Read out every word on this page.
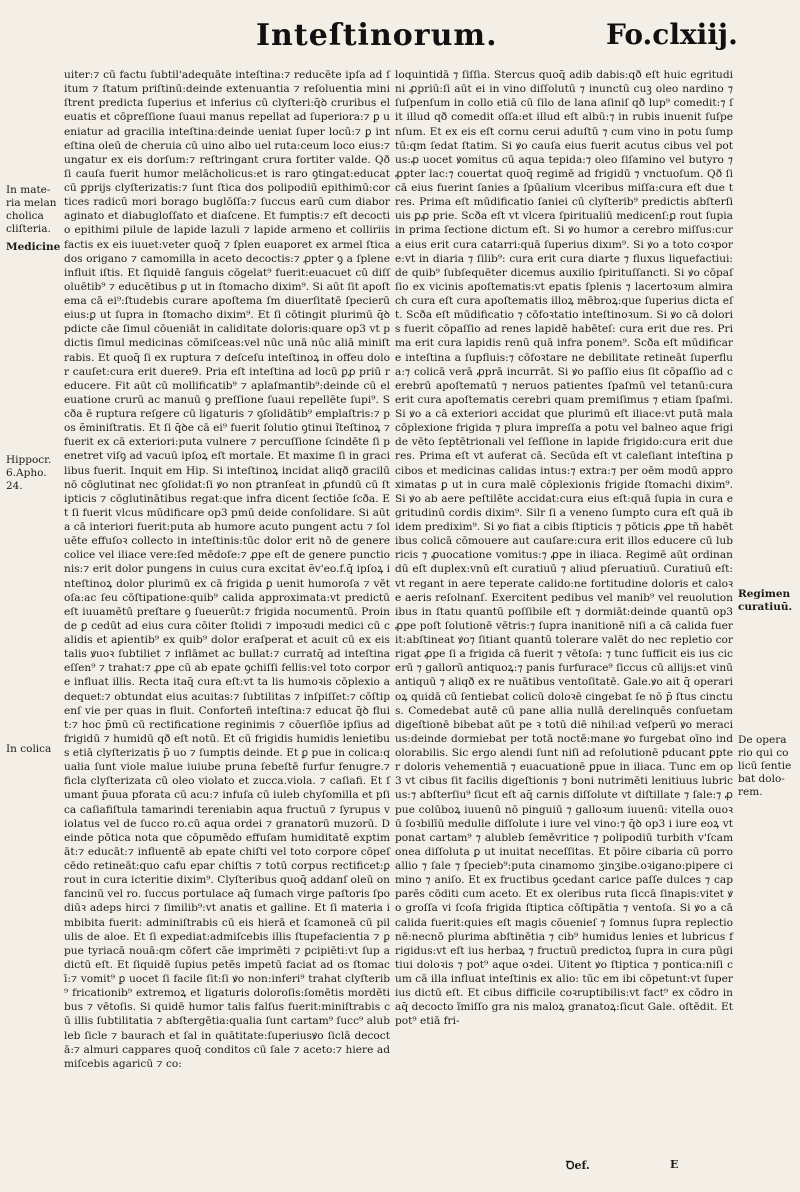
Inteſtinorum.	Fo.clxiij.
In mate-
ria melan
cholica
cliſteria.
Medicine
Hippocr.
6.Apho.
24.
In colica
Regimen
curatiuū.
De opera
rio qui co
licū ſentie
bat dolo-
rem.

uiter:⁊ cū factu ſubtil'adequāte inteſtina:⁊ reducēte ipſa ad ſitum ⁊ ſtatum priſtinū:deinde extenuantia ⁊ reſoluentia miniſtrent predicta ſuperius et inferius cū clyſteri:q̄ꝺ cruribus eleuatis et cōpreſſione ſuaui manus repellat ad ſuperiora:⁊ ꝑ ueniatur ad gracilia inteſtina:deinde ueniat ſuper locū:⁊ ꝑ inteſtina oleū de cheruia cū uino albo uel ruta:ceum loco eius:⁊ ungatur ex eis dorſum:⁊ reſtringant crura fortiter valde. Qð ſi cauſa fuerit humor melācholicus:et is raro ꝯtingat:educat cū ꝑprijs clyſterizatis:⁊ ſunt ſtica dos polipodiū epithimū:cortices radicū mori borago buglōſſa:⁊ ſuccus earū cum diaboraginato et diabugloſſato et diaſcene. Et fumptis:⁊ eſt decoctio epithimi pilule de lapide lazuli ⁊ lapide armeno et colliriis factis ex eis iuuet:veter quoq̄ ⁊ ſplen euaporet ex armel ſticados origano ⁊ camomilla in aceto decoctis:⁊ ꝓpter ꝯ a ſplene influit iſtis. Et ſiquidē ſanguis cōgelat⁹ fuerit:euacuet cū diſſoluētib⁹ ⁊ educētibus ꝑ ut in ſtomacho dixim⁹. Si aūt ſit apoſtema cā ei⁹:ſtudebis curare apoſtema ſm diuerſitatē ſpecierū eius:ꝑ ut ſupra in ſtomacho dixim⁹. Et ſi cōtingit plurimū q̄ꝺ pdicte cāe ſimul cōueniāt in caliditate doloris:quare op3 vt pdictis ſimul medicinas cōmiſceas:vel nūc unā nūc aliā miniſtrabis. Et quoq̄ ſi ex ruptura ⁊ deſceſu inteſtinoꝝ in offeu dolor cauſet:cura erit duere9. Pria eſt inteſtina ad locū ꝑꝓ priū reducere. Fit aūt cū mollificatib⁹ ⁊ aplaſmantib⁹:deinde cū eleuatione crurū ac manuū ꝯ preſſione ſuaui repellēte ſupi⁹. Scða ē ruptura reſgere cū ligaturis ⁊ ꝯſolidātib⁹ emplaſtris:⁊ p os ẽminiſtratis. Et ſi q̄ꝺe cā ei⁹ fuerit ſolutio ꝯtinui ĩteſtinoꝝ ⁊ fuerit ex cā exteriori:puta vulnere ⁊ percuſſione ſcindēte ſi penetret viſꝯ ad vacuū ipſoꝝ eſt mortale. Et maxime ſi in gracilibus fuerit. Inquit em Hip. Si inteſtinoꝝ incidat aliqð gracilū nō cōglutinat nec ꝯſolidat:ſi ꝟo non ꝑtranſeat in ꝓfundū cū ſtipticis ⁊ cōglutinātibus regat:que infra dicent ſectiōe ſcða. Et ſi fuerit vlcus mūdificare op3 pmū deide conſolidare. Si aūt a cā interiori fuerit:puta ab humore acuto pungent actu ⁊ ſoluēte effuſoꝛ collecto in inteſtinis:tūc dolor erit nō de genere colice vel iliace vere:ſed mēdoſe:⁊ ꝓpe eſt de genere punctionis:⁊ erit dolor pungens in cuius cura excitat ẽv'eo.f.q̄ ipſoꝝ inteſtinoꝝ dolor plurimū ex cā frigida ꝑ uenit humoroſa ⁊ vētoſa:ac ſeu cōſtipatione:quib⁹ calida approximata:vt predictū eſt iuuamētū preſtare ꝯ ſueuerūt:⁊ frigida nocumentū. Proinde ꝑ cedūt ad eius cura cōiter ſtolidi ⁊ impoꝛudi medici cū calidis et aꝑientib⁹ ex quib⁹ dolor eraſperat et acuit cū ex eis talis ꝟuoꝛ ſubtiliet ⁊ inflāmet ac bullat:⁊ curratq̄ ad inteſtina eſſen⁹ ⁊ trahat:⁊ ꝓpe cū ab epate ꝯchiſſi fellis:vel toto corpore influat illis. Recta itaq̄ cura eſt:vt ta lis humoꝛis cōplexio adequet:⁊ obtundat eius acuitas:⁊ ſubtilitas ⁊ inſpiſſet:⁊ cōſtipenſ vie per quas in fluit. Conforteñ inteſtina:⁊ educat q̄ꝺ fluit:⁊ hoc p̄mū cū rectificatione reginimis ⁊ cōuerſiōe ipſius ad frigidū ⁊ humidū qð eſt notū. Et cū frigidis humidis lenietibus etiā clyſterizatis p̄ uo ⁊ ſumptis deinde. Et ꝑ pue in colica:qualia ſunt viole malue iuiube pruna ſebeſtē furfur fenugre.⁊ ficla clyſterizata cū oleo violato et zucca.viola. ⁊ caſiafi. Et ſumant p̄uua pforata cū acu:⁊ infuſa cū iuleb chyſomilla et pſica caſiafiſtula tamarindi tereniabin aqua fructuū ⁊ ſyrupus violatus vel de ſucco ro.cū aqua ordei ⁊ granatorū muzorū. Deinde pōtica nota que cōpumēdo effuſam humiditatē exptimāt:⁊ educāt:⁊ influentē ab epate chiſti vel toto corpore cōpeſcēdo retineāt:quo cafu epar chiſtis ⁊ totū corpus rectificet:ꝑ rout in cura icteritie dixim⁹. Clyſteribus quoq̄ addanſ oleū onfancinū vel ro. ſuccus portulace aq̄ ſumach virge paſtoris ſpodiūꝛ adeps hirci ⁊ ſimilib⁹:vt anatis et galline. Et ſi materia imbibita fuerit: adminiſtrabis cū eis hierā et ſcamoneā cū pilulis de aloe. Et ſi expediat:admiſcebis illis ſtupefacientia ⁊ ꝑpue tyriacā nouā:qm cōfert cāe imprimēti ⁊ ꝑcipiēti:vt ſup a dictū eſt. Et ſiquidē ſupius petēs impetū faciat ad os ſtomacī:⁊ vomit⁹ ꝑ uocet ſi facile ſit:ſi ꝟo non:inferi⁹ trahat clyſterib⁹ fricationib⁹ extremoꝝ et ligaturis doloroſis:ſomētis mordētibus ⁊ vētoſis. Si quidē humor talis falſus fuerit:miniſtrabis cū illis ſubtilitatia ⁊ abſtergētia:qualia ſunt cartam⁹ ſucc⁹ alubleb ſicle ⁊ baurach et ſal in quātitate:ſuperiusꝟo ſiclā decoctā:⁊ almuri cappares quoq̄ conditos cū ſale ⁊ aceto:⁊ hiere admiſcebis agaricū ⁊ co:

loquintidā ⁊ ſiſſia. Stercus quoq̄ adib dabis:qð eſt huic egritudini ꝓpriū:ſi aūt ei in vino diſſolutū ⁊ inunctū cuꝫ oleo nardino ⁊ ſuſpenſum in collo etiā cū ſilo de lana aſiniſ qð lup⁹ comedit:⁊ ſit illud qð comedit oſſa:et illud eſt albū:⁊ in rubis inuenit ſuſpenſum. Et ex eis eſt cornu cerui aduſtū ⁊ cum vino in potu ſumptū:qm ſedat ſtatim. Si ꝟo cauſa eius fuerit acutus cibus vel potus:ꝓ uocet ꝟomitus cū aqua tepida:⁊ oleo ſiſamino vel butyro ⁊ ꝓpter lac:⁊ couertat quoq̄ regimē ad frigidū ⁊ vnctuoſum. Qð ſi cā eius fuerint ſanies a ſpūalium vlceribus miſſa:cura eſt due tres. Prima eſt mūdificatio ſaniei cū clyſterib⁹ predictis abſterſiuis ꝑꝓ prie. Scða eſt vt vlcera ſpiritualiū medicenſ:ꝑ rout ſupia in prima ſectione dictum eſt. Si ꝟo humor a cerebro miſſus:cura eius erit cura catarri:quā ſuperius dixım⁹. Si ꝟo a toto coꝛpore:vt in diaria ⁊ ſilib⁹: cura erit cura diarte ⁊ fluxus liquefactiui:de quib⁹ ſubſequēter dicemus auxilio ſpirituſſancti. Si ꝟo cōpaſſio ex vicinis apoſtematis:vt epatis ſplenis ⁊ lacertoꝛum almirach cura eſt cura apoſtematis illoꝝ mēbroꝝ:que ſuperius dicta eſt. Scða eſt mūdificatio ⁊ cōfoꝛtatio inteſtinoꝛum. Si ꝟo cā doloris fuerit cōpaſſio ad renes lapidē habēteſ: cura erit due res. Prima erit cura lapidis renū quā infra ponem⁹. Scða eſt mūdificare inteſtina a ſupfluis:⁊ cōfoꝛtare ne debilitate retineāt ſuperflua:⁊ colicā verā ꝓprā incurrāt. Si ꝟo paſſio eius ſit cōpaſſio ad cerebrū apoſtematū ⁊ neruos patientes ſpaſmū vel tetanū:cura erit cura apoſtematis cerebri quam premiſimus ⁊ etiam ſpaſmi. Si ꝟo a cā exteriori accidat que plurimū eſt iliace:vt putā mala cōplexione frigida ⁊ plura impreſſa a potu vel balneo aque frigide vēto ſeptētrionali vel ſeſſione in lapide frigido:cura erit due res. Prima eſt vt auferat cā. Secūda eſt vt caleſiant inteſtina p cibos et medicinas calidas intus:⁊ extra:⁊ per oēm modū approximatas ꝑ ut in cura malē cōplexionis frigide ſtomachi dixim⁹. Si ꝟo ab aere peſtilēte accidat:cura eius eſt:quā ſupia in cura egritudinū cordis dixim⁹. Silr ſi a veneno ſumpto cura eſt quā ibidem predixim⁹. Si ꝟo fiat a cibis ſtipticis ⁊ pōticis ꝓpe tñ habētibus colicā cōmouere aut cauſare:cura erit illos educere cū lubricis ⁊ ꝓuocatione vomitus:⁊ ꝓpe in iliaca. Regimē aūt ordinandū eſt duplex:vnū eſt curatiuū ⁊ aliud pſeruatiuū. Curatiuū eſt:vt regant in aere teperate calido:ne fortitudine doloris et caloꝛe aeris reſolnanſ. Exercitent pedibus vel manib⁹ vel reuolutionibus in ſtatu quantū poſſibile eſt ⁊ dormiāt:deinde quantū op3 ꝓpe poſt ſolutionē vētris:⁊ ſupra inanitionē niſi a cā calida fuerit:abſtineat ꝟo⁊ ſitiant quantū tolerare valēt do nec repletio corrigat ꝓpe ſi a frigida cā fuerit ⁊ vētoſa: ⁊ tunc ſufficit eis ius cicerū ⁊ gallorū antiquoꝝ:⁊ panis furfurace⁹ ſiccus cū allijs:et vinū antiquū ⁊ aliqð ex re nuātibus ventoſitatē. Gale.ꝟo ait q̄ operarioꝝ quidā cū ſentiebat colicū doloꝛē cingebat ſe nō p̄ ſtus cinctus. Comedebat autē cū pane allia nullā derelinquēs conſuetam digeſtionē bibebat aūt pe ꝛ totū diē nihil:ad veſperū ꝟo meracius:deinde dormiebat per totā noctē:mane ꝟo furgebat oīno indolorabilis. Sic ergo alendi ſunt niſi ad reſolutionē pducant ꝑpter doloris vehementiā ⁊ euacuationē ꝑpue in iliaca. Tunc em op3 vt cibus ſit facilis digeſtionis ⁊ boni nutrimēti lenitiuus lubricus:⁊ abſterſiu⁹ ſicut eſt aq̄ carnis diſſolute vt diſtillate ⁊ ſale:⁊ ꝓpue colūboꝝ iuuenū nō pinguiū ⁊ galloꝛum iuuenū: vitella ouoꝛū ſoꝛbilīū medulle diſſolute i iure vel vino:⁊ q̄ꝺ op3 i iure eoꝝ vt ponat cartam⁹ ⁊ alubleb ſemēvritice ⁊ polipodiū turbith v'ſcamonea diſſoluta ꝑ ut inuitat neceſſitas. Et pōire cibaria cū porro allio ⁊ ſale ⁊ ſpecieb⁹:puta cinamomo ʒinʒibe.oꝛigano:pipere cimino ⁊ aniſo. Et ex fructibus ꝯcedant carice paſſe dulces ⁊ capparēs cōditi cum aceto. Et ex oleribus ruta ſiccā ſinapis:vitet ꝟo groſſa vi ſcoſa frigida ſtiptica cōſtipātia ⁊ ventoſa. Si ꝟo a cā calida fuerit:quies eſt magis cōuenieſ ⁊ ſomnus ſupra replectionē:necnō plurima abſtinētia ⁊ cib⁹ humidus lenies et lubricus frigidus:vt eſt ius herbaꝝ ⁊ fructuū predictoꝝ ſupra in cura pūgitiui doloꝛis ⁊ pot⁹ aque oꝛdei. Uitent ꝟo ſtiptica ⁊ pontica:niſi cum cā illa influat inteſtinis ex alio: tūc em ibi cōpetunt:vt ſuperius dictū eſt. Et cibus difficile coꝛruptibilis:vt fact⁹ ex cōdro in aq̄ decocto ĩmiſſo gra nis maloꝝ granatoꝝ:ſicut Gale. oſtēdit. Et pot⁹ etiā fri-

Ꝺef.	E
